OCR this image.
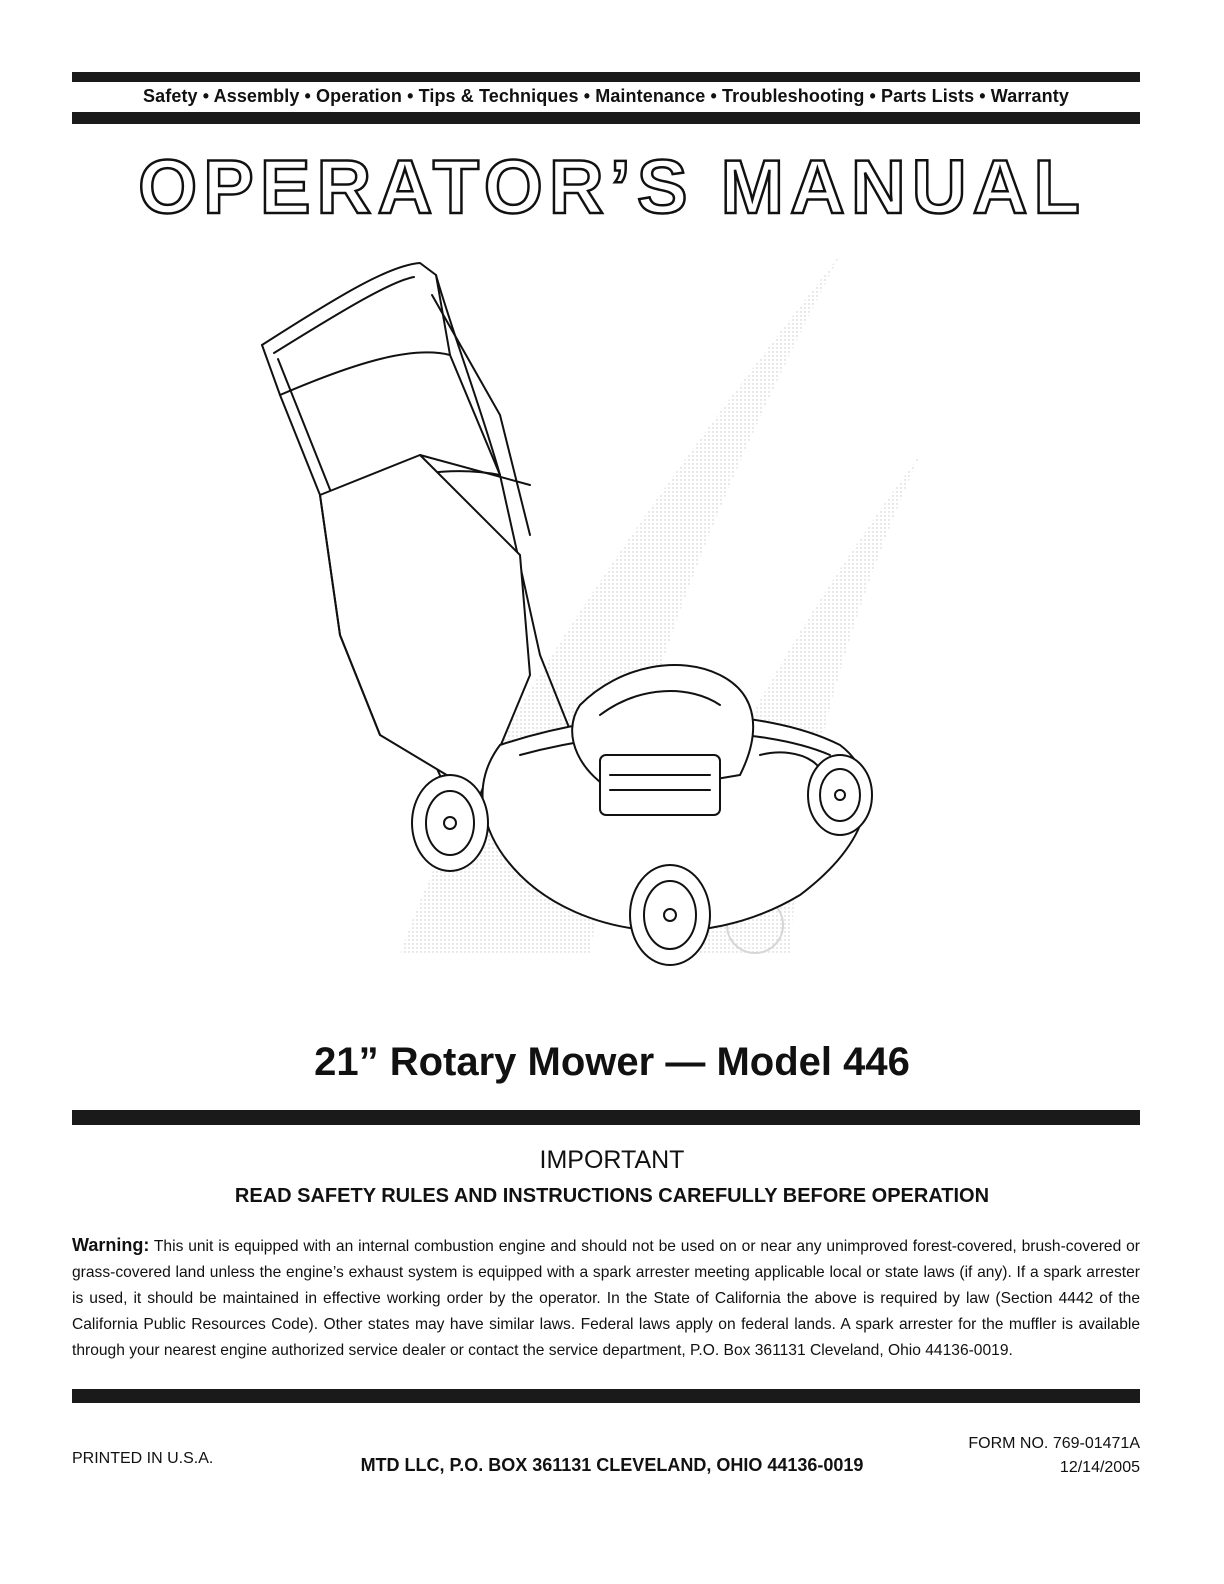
Safety • Assembly • Operation • Tips & Techniques • Maintenance • Troubleshooting • Parts Lists • Warranty
OPERATOR’S MANUAL
21” Rotary Mower — Model 446
IMPORTANT
READ SAFETY RULES AND INSTRUCTIONS CAREFULLY BEFORE OPERATION
Warning: This unit is equipped with an internal combustion engine and should not be used on or near any unimproved forest-covered, brush-covered or grass-covered land unless the engine’s exhaust system is equipped with a spark arrester meeting applicable local or state laws (if any). If a spark arrester is used, it should be maintained in effective working order by the operator. In the State of California the above is required by law (Section 4442 of the California Public Resources Code). Other states may have similar laws. Federal laws apply on federal lands. A spark arrester for the muffler is available through your nearest engine authorized service dealer or contact the service department, P.O. Box 361131 Cleveland, Ohio 44136-0019.
PRINTED IN U.S.A.	MTD LLC, P.O. BOX 361131 CLEVELAND, OHIO 44136-0019
FORM NO. 769-01471A
12/14/2005
